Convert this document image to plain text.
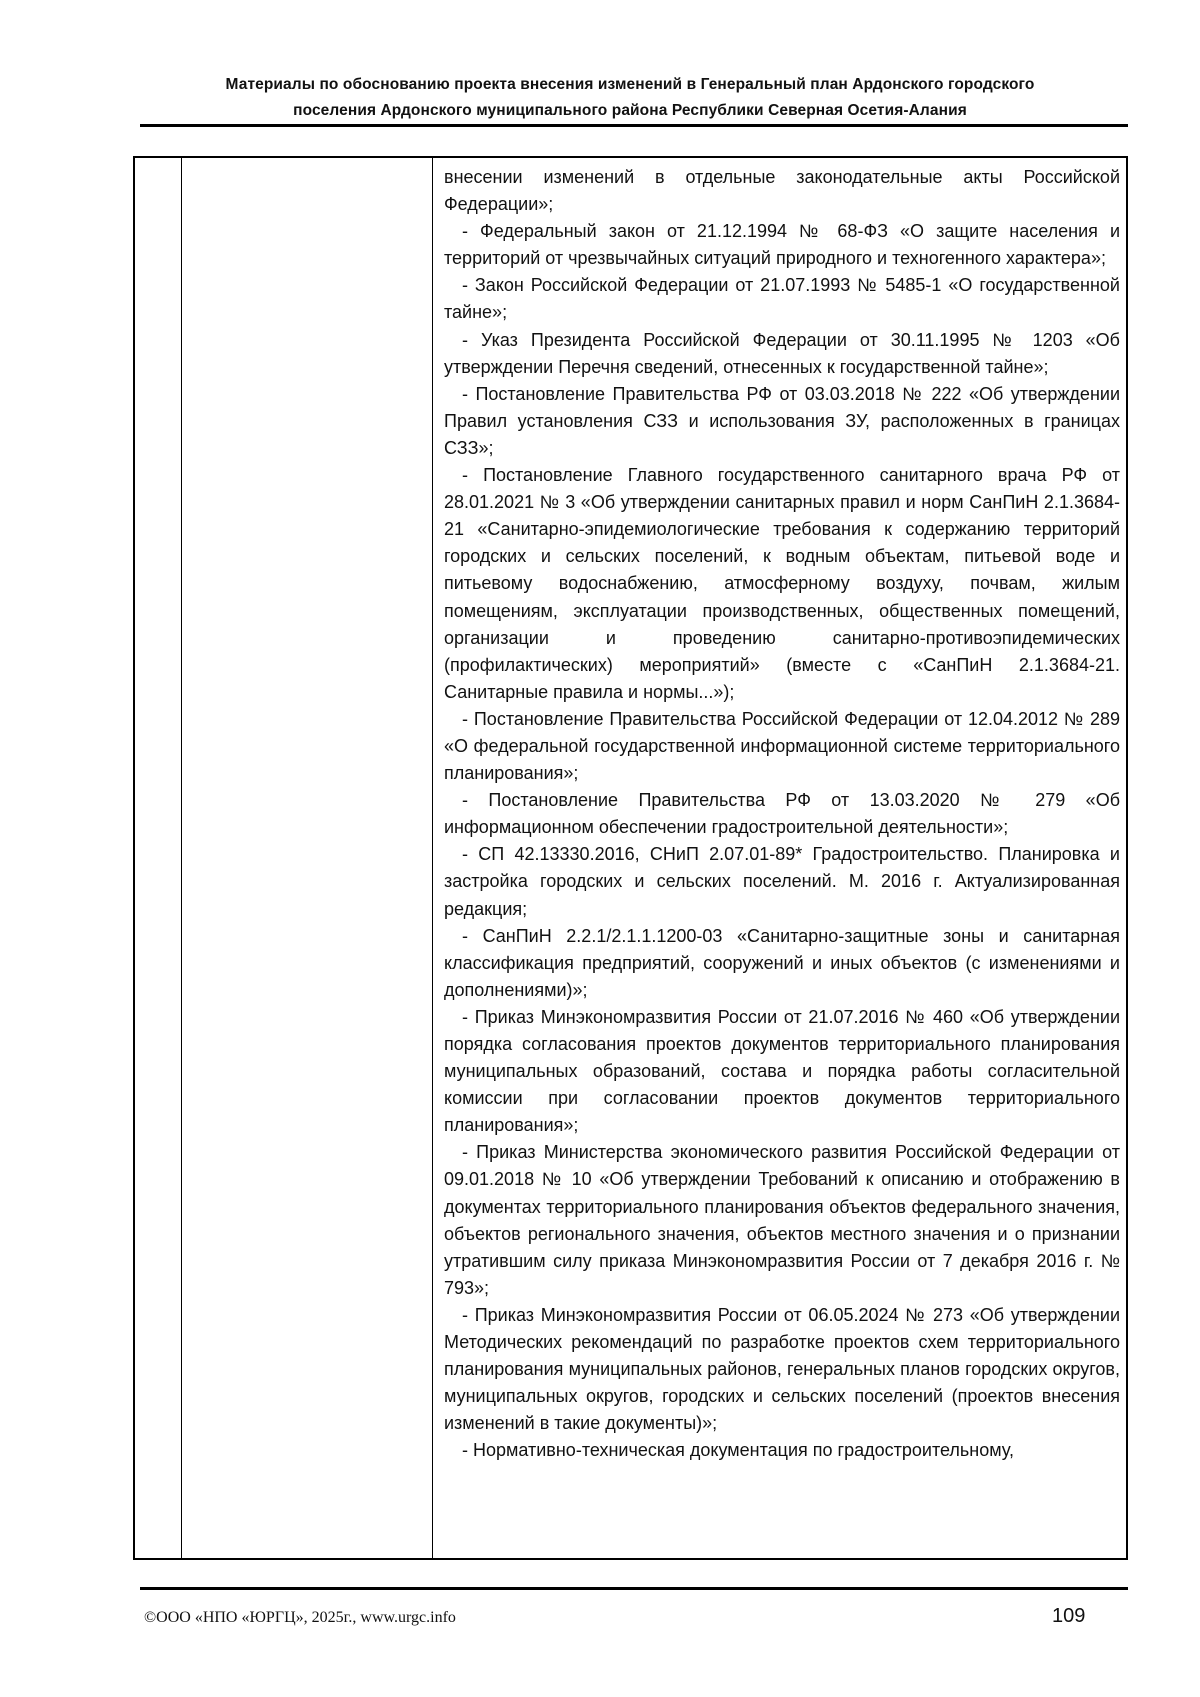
Материалы по обоснованию проекта внесения изменений в Генеральный план Ардонского городского
поселения Ардонского муниципального района Республики Северная Осетия-Алания

внесении изменений в отдельные законодательные акты Российской Федерации»;

- Федеральный закон от 21.12.1994 № 68-ФЗ «О защите населения и территорий от чрезвычайных ситуаций природного и техногенного характера»;

- Закон Российской Федерации от 21.07.1993 № 5485-1 «О государственной тайне»;

- Указ Президента Российской Федерации от 30.11.1995 № 1203 «Об утверждении Перечня сведений, отнесенных к государственной тайне»;

- Постановление Правительства РФ от 03.03.2018 № 222 «Об утверждении Правил установления СЗЗ и использования ЗУ, расположенных в границах СЗЗ»;

- Постановление Главного государственного санитарного врача РФ от 28.01.2021 № 3 «Об утверждении санитарных правил и норм СанПиН 2.1.3684-21 «Санитарно-эпидемиологические требования к содержанию территорий городских и сельских поселений, к водным объектам, питьевой воде и питьевому водоснабжению, атмосферному воздуху, почвам, жилым помещениям, эксплуатации производственных, общественных помещений, организации и проведению санитарно-противоэпидемических (профилактических) мероприятий» (вместе с «СанПиН 2.1.3684-21. Санитарные правила и нормы...»);

- Постановление Правительства Российской Федерации от 12.04.2012 № 289 «О федеральной государственной информационной системе территориального планирования»;

- Постановление Правительства РФ от 13.03.2020 № 279 «Об информационном обеспечении градостроительной деятельности»;

- СП 42.13330.2016, СНиП 2.07.01-89* Градостроительство. Планировка и застройка городских и сельских поселений. М. 2016 г. Актуализированная редакция;

- СанПиН 2.2.1/2.1.1.1200-03 «Санитарно-защитные зоны и санитарная классификация предприятий, сооружений и иных объектов (с изменениями и дополнениями)»;

- Приказ Минэкономразвития России от 21.07.2016 № 460 «Об утверждении порядка согласования проектов документов территориального планирования муниципальных образований, состава и порядка работы согласительной комиссии при согласовании проектов документов территориального планирования»;

- Приказ Министерства экономического развития Российской Федерации от 09.01.2018 № 10 «Об утверждении Требований к описанию и отображению в документах территориального планирования объектов федерального значения, объектов регионального значения, объектов местного значения и о признании утратившим силу приказа Минэкономразвития России от 7 декабря 2016 г. № 793»;

- Приказ Минэкономразвития России от 06.05.2024 № 273 «Об утверждении Методических рекомендаций по разработке проектов схем территориального планирования муниципальных районов, генеральных планов городских округов, муниципальных округов, городских и сельских поселений (проектов внесения изменений в такие документы)»;

- Нормативно-техническая документация по градостроительному,

©ООО «НПО «ЮРГЦ», 2025г., www.urgc.info	109
